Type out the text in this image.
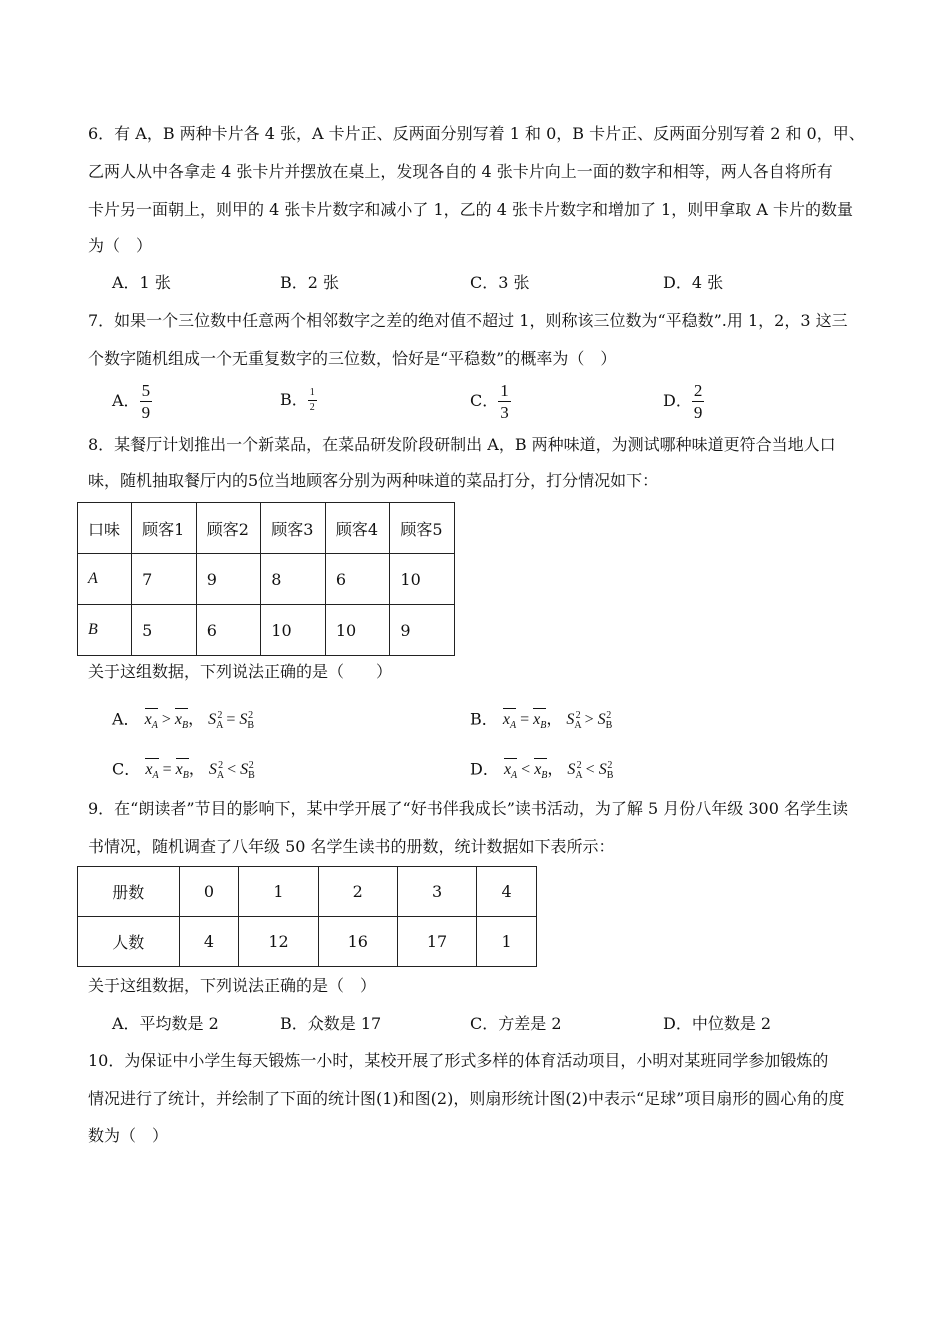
6．有 A，B 两种卡片各 4 张，A 卡片正、反两面分别写着 1 和 0，B 卡片正、反两面分别写着 2 和 0，甲、
乙两人从中各拿走 4 张卡片并摆放在桌上，发现各自的 4 张卡片向上一面的数字和相等，两人各自将所有
卡片另一面朝上，则甲的 4 张卡片数字和减小了 1，乙的 4 张卡片数字和增加了 1，则甲拿取 A 卡片的数量
为（　）
A．1 张	B．2 张	C．3 张	D．4 张
7．如果一个三位数中任意两个相邻数字之差的绝对值不超过 1，则称该三位数为“平稳数”.用 1，2，3 这三
个数字随机组成一个无重复数字的三位数，恰好是“平稳数”的概率为（　）
A． $\frac{5}{9}$	B． $\frac{1}{2}$	C． $\frac{1}{3}$	D． $\frac{2}{9}$
8．某餐厅计划推出一个新菜品，在菜品研发阶段研制出 A，B 两种味道，为测试哪种味道更符合当地人口
味，随机抽取餐厅内的5位当地顾客分别为两种味道的菜品打分，打分情况如下：
口味	顾客1	顾客2	顾客3	顾客4	顾客5
A	7	9	8	6	10
B	5	6	10	10	9
关于这组数据，下列说法正确的是（　　）
A． $x_A > x_B$， $S_A^2 = S_B^2$	B． $x_A = x_B$， $S_A^2 > S_B^2$
C． $x_A = x_B$， $S_A^2 < S_B^2$	D． $x_A < x_B$， $S_A^2 < S_B^2$
9．在“朗读者”节目的影响下，某中学开展了“好书伴我成长”读书活动，为了解 5 月份八年级 300 名学生读
书情况，随机调查了八年级 50 名学生读书的册数，统计数据如下表所示：
册数	0	1	2	3	4
人数	4	12	16	17	1
关于这组数据，下列说法正确的是（　）
A．平均数是 2	B．众数是 17	C．方差是 2	D．中位数是 2
10．为保证中小学生每天锻炼一小时，某校开展了形式多样的体育活动项目，小明对某班同学参加锻炼的
情况进行了统计，并绘制了下面的统计图(1)和图(2)，则扇形统计图(2)中表示“足球”项目扇形的圆心角的度
数为（　）
